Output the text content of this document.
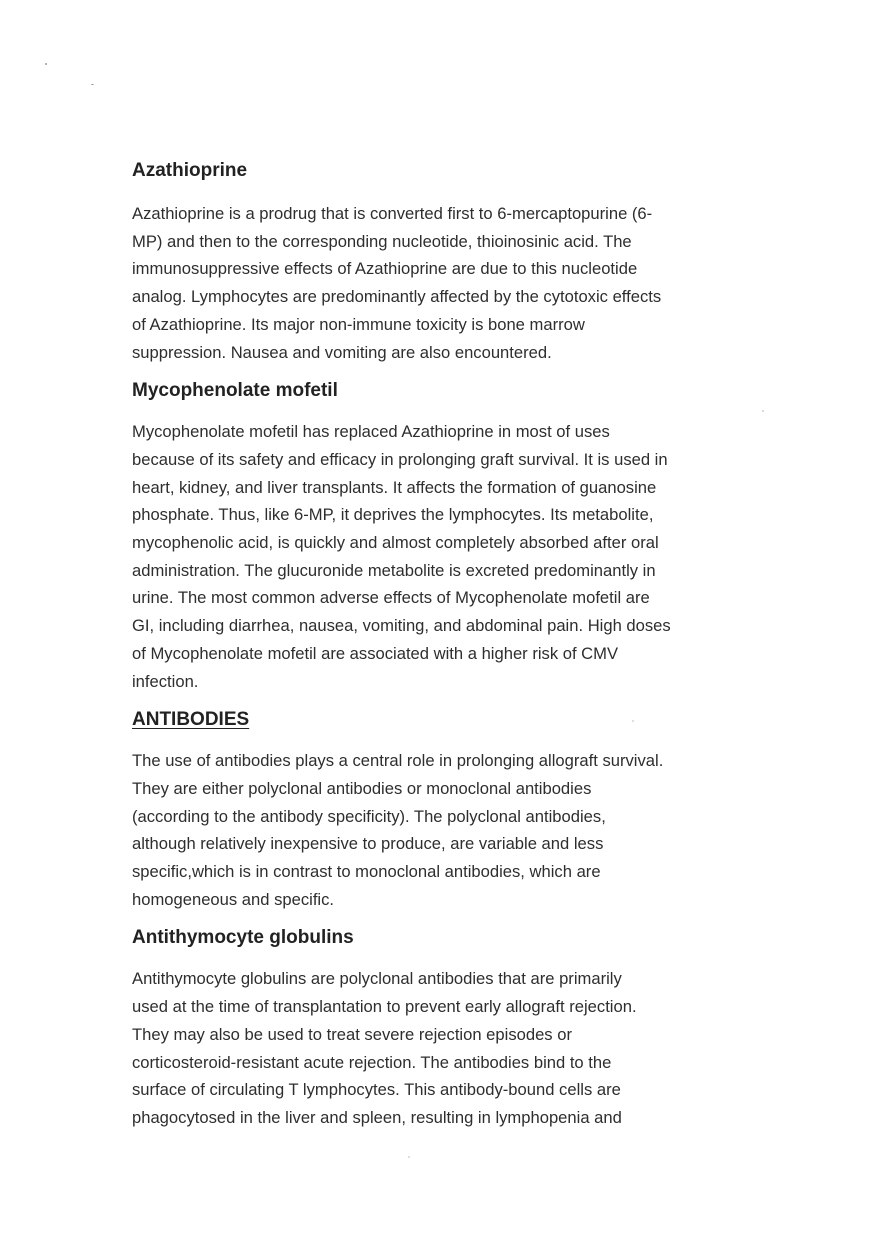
Azathioprine

Azathioprine is a prodrug that is converted first to 6-mercaptopurine (6-
MP) and then to the corresponding nucleotide, thioinosinic acid. The
immunosuppressive effects of Azathioprine are due to this nucleotide
analog. Lymphocytes are predominantly affected by the cytotoxic effects
of Azathioprine. Its major non-immune toxicity is bone marrow
suppression. Nausea and vomiting are also encountered.

Mycophenolate mofetil

Mycophenolate mofetil has replaced Azathioprine in most of uses
because of its safety and efficacy in prolonging graft survival. It is used in
heart, kidney, and liver transplants. It affects the formation of guanosine
phosphate. Thus, like 6-MP, it deprives the lymphocytes. Its metabolite,
mycophenolic acid, is quickly and almost completely absorbed after oral
administration. The glucuronide metabolite is excreted predominantly in
urine. The most common adverse effects of Mycophenolate mofetil are
GI, including diarrhea, nausea, vomiting, and abdominal pain. High doses
of Mycophenolate mofetil are associated with a higher risk of CMV
infection.

ANTIBODIES

The use of antibodies plays a central role in prolonging allograft survival.
They are either polyclonal antibodies or monoclonal antibodies
(according to the antibody specificity). The polyclonal antibodies,
although relatively inexpensive to produce, are variable and less
specific,which is in contrast to monoclonal antibodies, which are
homogeneous and specific.

Antithymocyte globulins

Antithymocyte globulins are polyclonal antibodies that are primarily
used at the time of transplantation to prevent early allograft rejection.
They may also be used to treat severe rejection episodes or
corticosteroid-resistant acute rejection. The antibodies bind to the
surface of circulating T lymphocytes. This antibody-bound cells are
phagocytosed in the liver and spleen, resulting in lymphopenia and
